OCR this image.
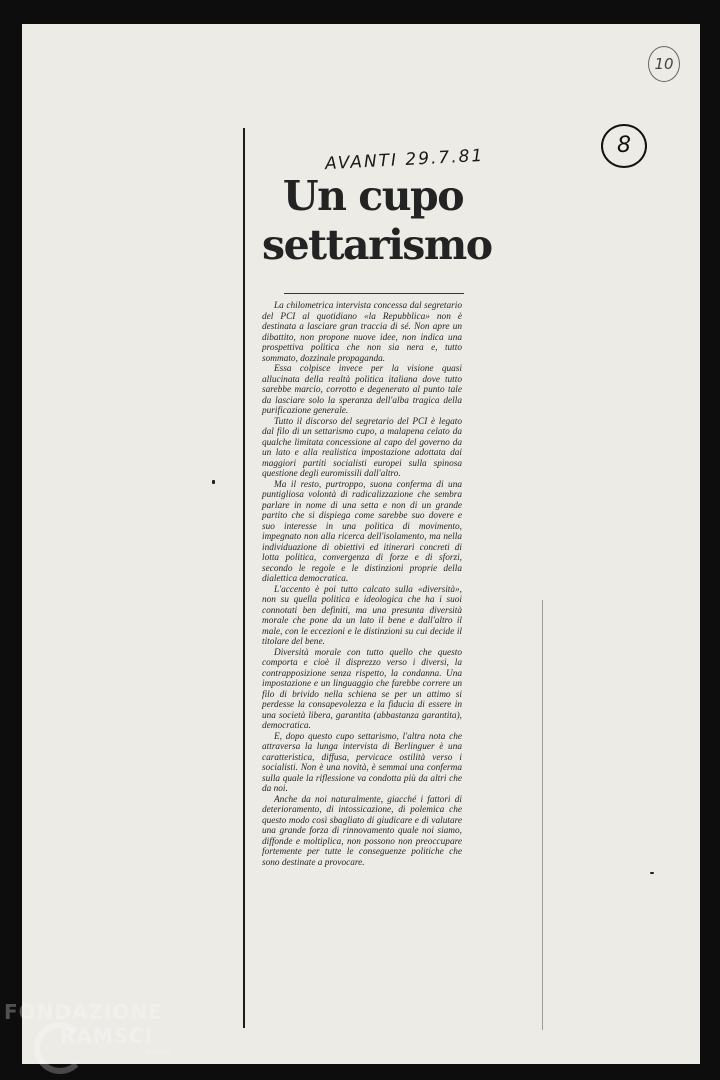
10
8
AVANTI 29.7.81
Un cupo settarismo

La chilometrica intervista concessa dal segretario del PCI al quotidiano «la Repubblica» non è destinata a lasciare gran traccia di sé. Non apre un dibattito, non propone nuove idee, non indica una prospettiva politica che non sia nera e, tutto sommato, dozzinale propaganda.

Essa colpisce invece per la visione quasi allucinata della realtà politica italiana dove tutto sarebbe marcio, corrotto e degenerato al punto tale da lasciare solo la speranza dell'alba tragica della purificazione generale.

Tutto il discorso del segretario del PCI è legato dal filo di un settarismo cupo, a malapena celato da qualche limitata concessione al capo del governo da un lato e alla realistica impostazione adottata dai maggiori partiti socialisti europei sulla spinosa questione degli euromissili dall'altro.

Ma il resto, purtroppo, suona conferma di una puntigliosa volontà di radicalizzazione che sembra parlare in nome di una setta e non di un grande partito che si dispiega come sarebbe suo dovere e suo interesse in una politica di movimento, impegnato non alla ricerca dell'isolamento, ma nella individuazione di obiettivi ed itinerari concreti di lotta politica, convergenza di forze e di sforzi, secondo le regole e le distinzioni proprie della dialettica democratica.

L'accento è poi tutto calcato sulla «diversità», non su quella politica e ideologica che ha i suoi connotati ben definiti, ma una presunta diversità morale che pone da un lato il bene e dall'altro il male, con le eccezioni e le distinzioni su cui decide il titolare del bene.

Diversità morale con tutto quello che questo comporta e cioè il disprezzo verso i diversi, la contrapposizione senza rispetto, la condanna. Una impostazione e un linguaggio che farebbe correre un filo di brivido nella schiena se per un attimo si perdesse la consapevolezza e la fiducia di essere in una società libera, garantita (abbastanza garantita), democratica.

E, dopo questo cupo settarismo, l'altra nota che attraversa la lunga intervista di Berlinguer è una caratteristica, diffusa, pervicace ostilità verso i socialisti. Non è una novità, è semmai una conferma sulla quale la riflessione va condotta più da altri che da noi.

Anche da noi naturalmente, giacché i fattori di deterioramento, di intossicazione, di polemica che questo modo così sbagliato di giudicare e di valutare una grande forza di rinnovamento quale noi siamo, diffonde e moltiplica, non possono non preoccupare fortemente per tutte le conseguenze politiche che sono destinate a provocare.

FONDAZIONE
RAMSCI
onlus
